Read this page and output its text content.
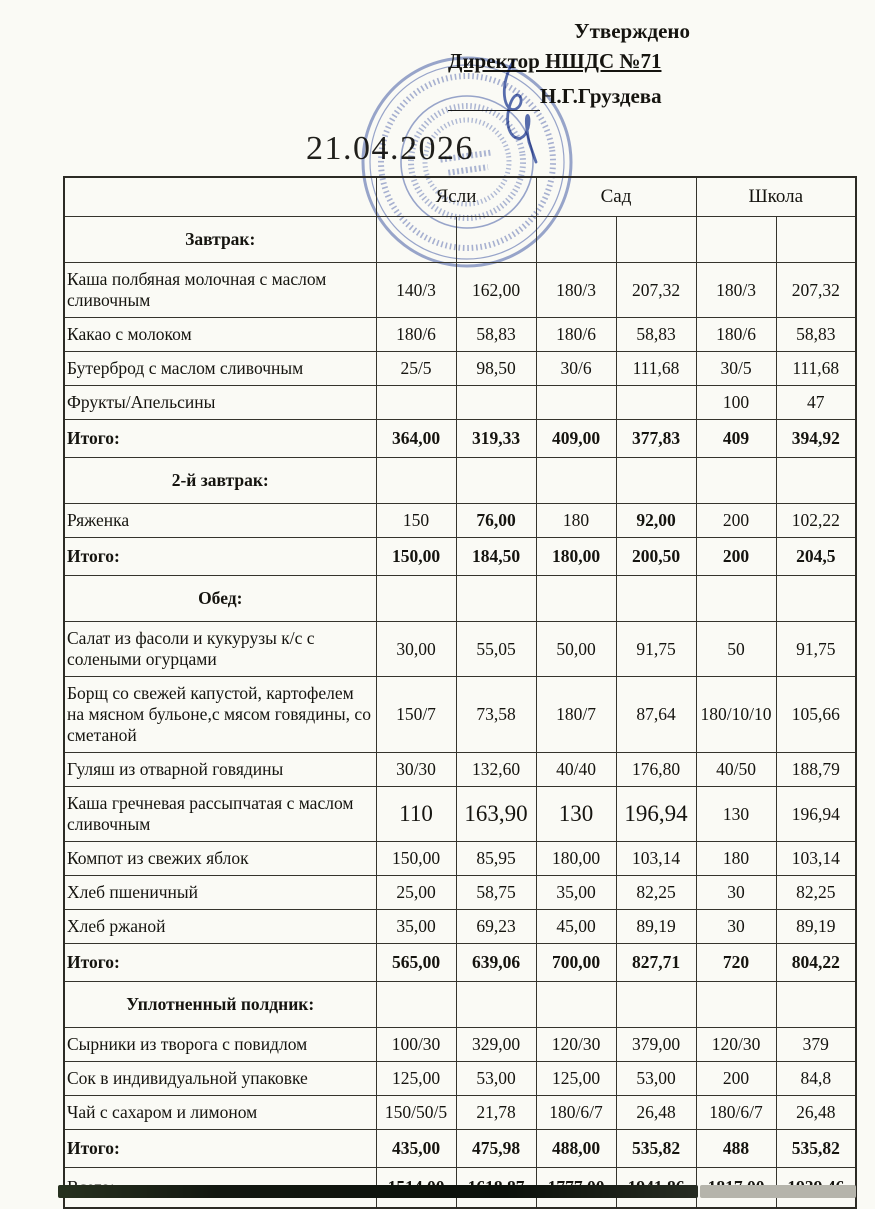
Утверждено
Директор НШДС №71
Н.Г.Груздева
21.04.2026
	Ясли		Сад		Школа	
Завтрак:						
Каша полбяная молочная с маслом сливочным	140/3	162,00	180/3	207,32	180/3	207,32
Какао с молоком	180/6	58,83	180/6	58,83	180/6	58,83
Бутерброд с маслом сливочным	25/5	98,50	30/6	111,68	30/5	111,68
Фрукты/Апельсины					100	47
Итого:	364,00	319,33	409,00	377,83	409	394,92
2-й завтрак:						
Ряженка	150	76,00	180	92,00	200	102,22
Итого:	150,00	184,50	180,00	200,50	200	204,5
Обед:						
Салат из фасоли и кукурузы к/с с солеными огурцами	30,00	55,05	50,00	91,75	50	91,75
Борщ со свежей капустой, картофелем на мясном бульоне,с мясом говядины, со сметаной	150/7	73,58	180/7	87,64	180/10/10	105,66
Гуляш из отварной говядины	30/30	132,60	40/40	176,80	40/50	188,79
Каша гречневая рассыпчатая с маслом сливочным	110	163,90	130	196,94	130	196,94
Компот из свежих яблок	150,00	85,95	180,00	103,14	180	103,14
Хлеб пшеничный	25,00	58,75	35,00	82,25	30	82,25
Хлеб ржаной	35,00	69,23	45,00	89,19	30	89,19
Итого:	565,00	639,06	700,00	827,71	720	804,22
Уплотненный полдник:						
Сырники из творога с повидлом	100/30	329,00	120/30	379,00	120/30	379
Сок в индивидуальной упаковке	125,00	53,00	125,00	53,00	200	84,8
Чай с сахаром и лимоном	150/50/5	21,78	180/6/7	26,48	180/6/7	26,48
Итого:	435,00	475,98	488,00	535,82	488	535,82
